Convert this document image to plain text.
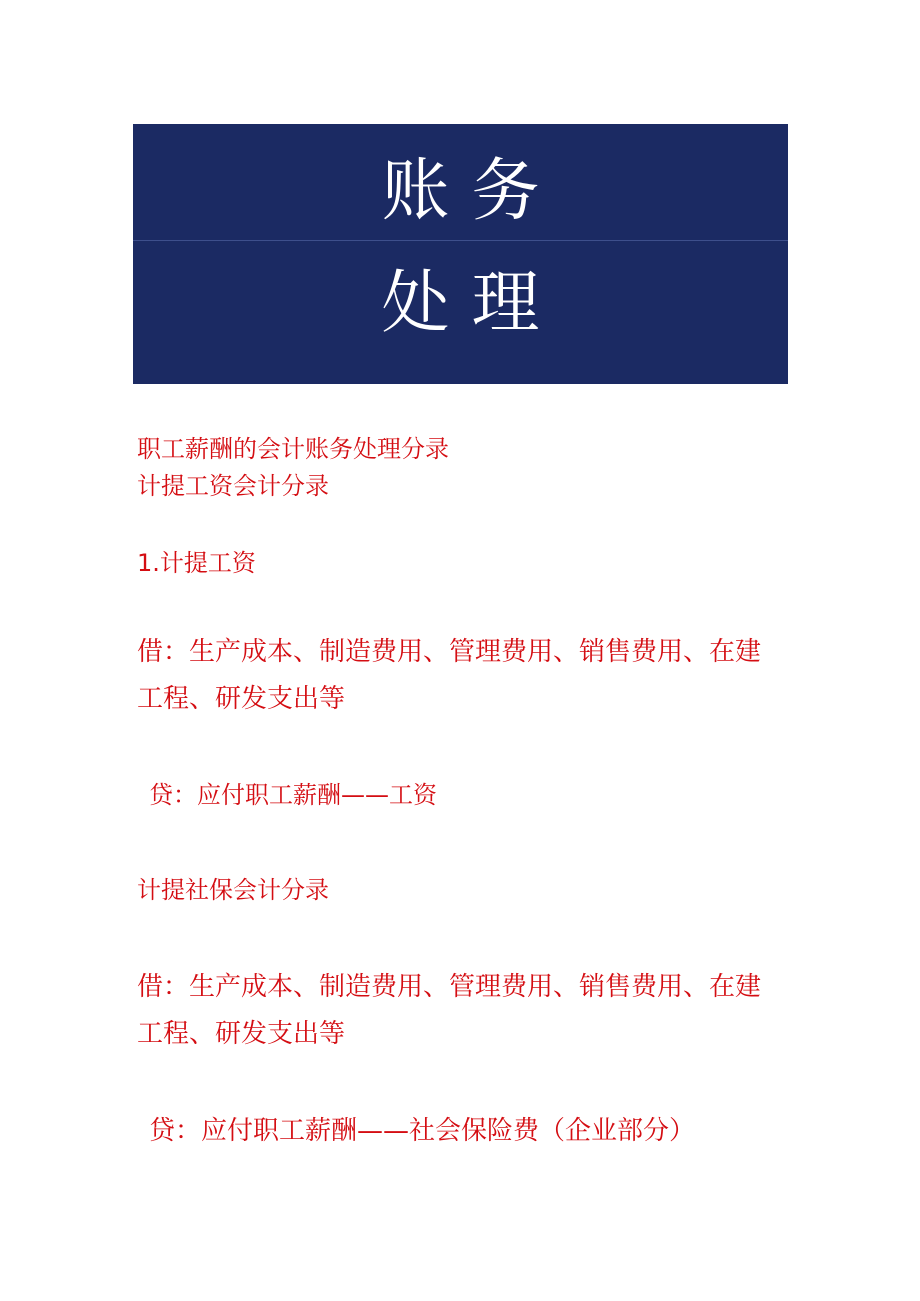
账务
处理
职工薪酬的会计账务处理分录
计提工资会计分录
1.计提工资
借：生产成本、制造费用、管理费用、销售费用、在建
工程、研发支出等
贷：应付职工薪酬——工资
计提社保会计分录
借：生产成本、制造费用、管理费用、销售费用、在建
工程、研发支出等
贷：应付职工薪酬——社会保险费（企业部分）
